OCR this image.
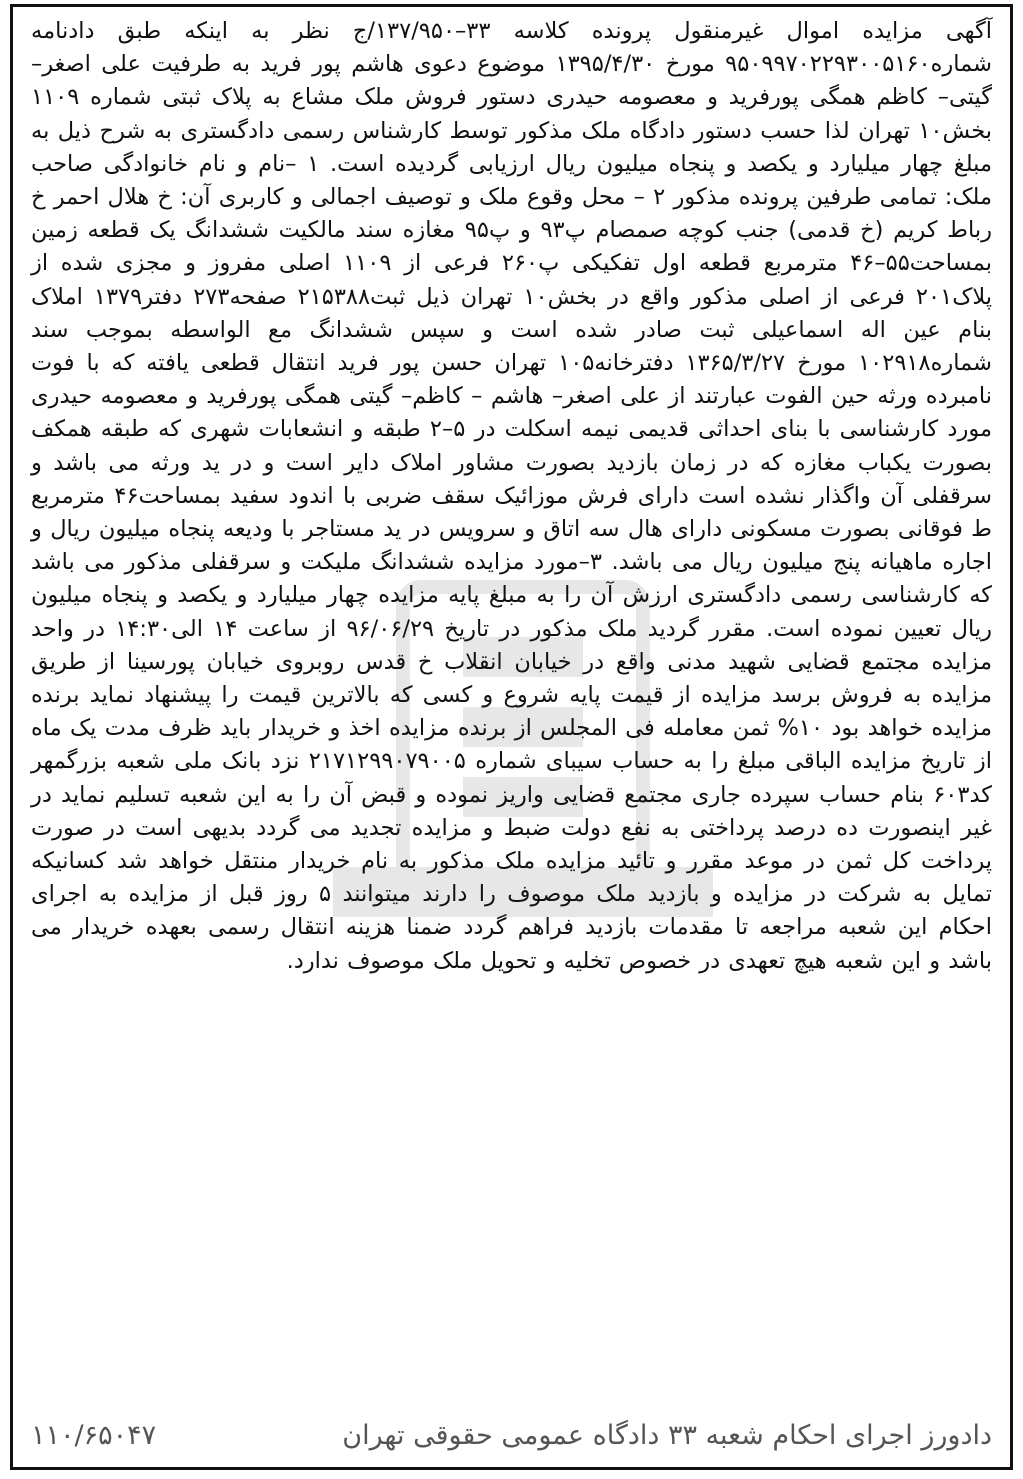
آگهی مزایده اموال غیرمنقول پرونده کلاسه ۳۳–۱۳۷/۹۵۰/ج نظر به اینکه طبق دادنامه شماره۹۵۰۹۹۷۰۲۲۹۳۰۰۵۱۶۰ مورخ ۱۳۹۵/۴/۳۰ موضوع دعوی هاشم پور فرید به طرفیت علی اصغر– گیتی– کاظم همگی پورفرید و معصومه حیدری دستور فروش ملک مشاع به پلاک ثبتی شماره ۱۱۰۹ بخش۱۰ تهران لذا حسب دستور دادگاه ملک مذکور توسط کارشناس رسمی دادگستری به شرح ذیل به مبلغ چهار میلیارد و یکصد و پنجاه میلیون ریال ارزیابی گردیده است. ۱ –نام و نام خانوادگی صاحب ملک: تمامی طرفین پرونده مذکور ۲ – محل وقوع ملک و توصیف اجمالی و کاربری آن: خ هلال احمر خ رباط کریم (خ قدمی) جنب کوچه صمصام پ۹۳ و پ۹۵ مغازه سند مالکیت ششدانگ یک قطعه زمین بمساحت۵۵–۴۶ مترمربع قطعه اول تفکیکی پ۲۶۰ فرعی از ۱۱۰۹ اصلی مفروز و مجزی شده از پلاک۲۰۱ فرعی از اصلی مذکور واقع در بخش۱۰ تهران ذیل ثبت۲۱۵۳۸۸ صفحه۲۷۳ دفتر۱۳۷۹ املاک بنام عین اله اسماعیلی ثبت صادر شده است و سپس ششدانگ مع الواسطه بموجب سند شماره۱۰۲۹۱۸ مورخ ۱۳۶۵/۳/۲۷ دفترخانه۱۰۵ تهران حسن پور فرید انتقال قطعی یافته که با فوت نامبرده ورثه حین الفوت عبارتند از علی اصغر– هاشم – کاظم– گیتی همگی پورفرید و معصومه حیدری مورد کارشناسی با بنای احداثی قدیمی نیمه اسکلت در ۵–۲ طبقه و انشعابات شهری که طبقه همکف بصورت یکباب مغازه که در زمان بازدید بصورت مشاور املاک دایر است و در ید ورثه می باشد و سرقفلی آن واگذار نشده است دارای فرش موزائیک سقف ضربی با اندود سفید بمساحت۴۶ مترمربع ط فوقانی بصورت مسکونی دارای هال سه اتاق و سرویس در ید مستاجر با ودیعه پنجاه میلیون ریال و اجاره ماهیانه پنج میلیون ریال می باشد. ۳–مورد مزایده ششدانگ ملیکت و سرقفلی مذکور می باشد که کارشناسی رسمی دادگستری ارزش آن را به مبلغ پایه مزایده چهار میلیارد و یکصد و پنجاه میلیون ریال تعیین نموده است. مقرر گردید ملک مذکور در تاریخ ۹۶/۰۶/۲۹ از ساعت ۱۴ الی۱۴:۳۰ در واحد مزایده مجتمع قضایی شهید مدنی واقع در خیابان انقلاب خ قدس روبروی خیابان پورسینا از طریق مزایده به فروش برسد مزایده از قیمت پایه شروع و کسی که بالاترین قیمت را پیشنهاد نماید برنده مزایده خواهد بود ۱۰% ثمن معامله فی المجلس از برنده مزایده اخذ و خریدار باید ظرف مدت یک ماه از تاریخ مزایده الباقی مبلغ را به حساب سیبای شماره ۲۱۷۱۲۹۹۰۷۹۰۰۵ نزد بانک ملی شعبه بزرگمهر کد۶۰۳ بنام حساب سپرده جاری مجتمع قضایی واریز نموده و قبض آن را به این شعبه تسلیم نماید در غیر اینصورت ده درصد پرداختی به نفع دولت ضبط و مزایده تجدید می گردد بدیهی است در صورت پرداخت کل ثمن در موعد مقرر و تائید مزایده ملک مذکور به نام خریدار منتقل خواهد شد کسانیکه تمایل به شرکت در مزایده و بازدید ملک موصوف را دارند میتوانند ۵ روز قبل از مزایده به اجرای احکام این شعبه مراجعه تا مقدمات بازدید فراهم گردد ضمنا هزینه انتقال رسمی بعهده خریدار می باشد و این شعبه هیچ تعهدی در خصوص تخلیه و تحویل ملک موصوف ندارد.

دادورز اجرای احکام شعبه ۳۳ دادگاه عمومی حقوقی تهران
۱۱۰/۶۵۰۴۷
